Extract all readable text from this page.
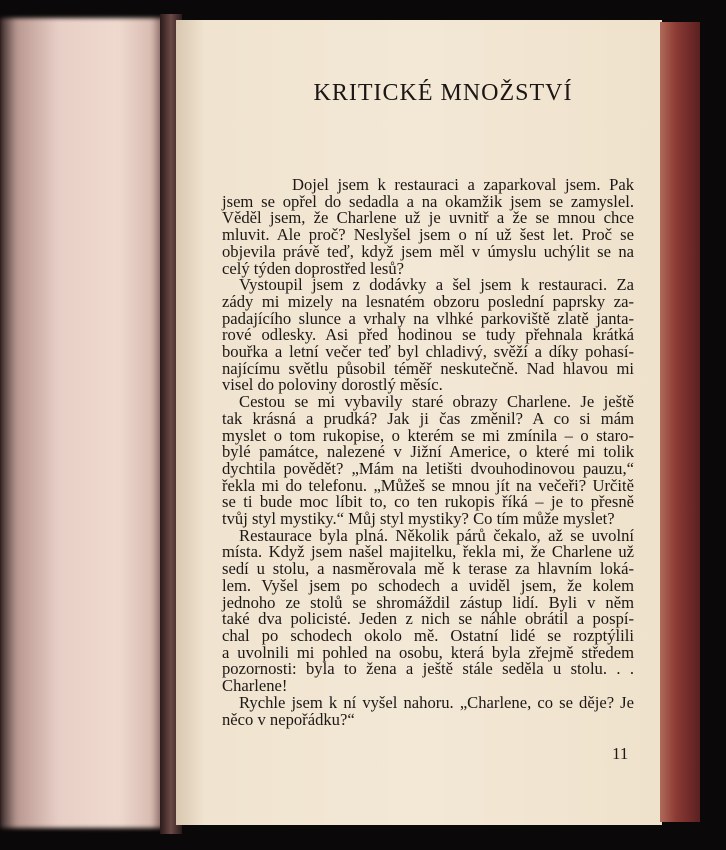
KRITICKÉ MNOŽSTVÍ
Dojel jsem k restauraci a zaparkoval jsem. Pak
jsem se opřel do sedadla a na okamžik jsem se zamyslel.
Věděl jsem, že Charlene už je uvnitř a že se mnou chce
mluvit. Ale proč? Neslyšel jsem o ní už šest let. Proč se
objevila právě teď, když jsem měl v úmyslu uchýlit se na
celý týden doprostřed lesů?
Vystoupil jsem z dodávky a šel jsem k restauraci. Za
zády mi mizely na lesnatém obzoru poslední paprsky za-
padajícího slunce a vrhaly na vlhké parkoviště zlatě janta-
rové odlesky. Asi před hodinou se tudy přehnala krátká
bouřka a letní večer teď byl chladivý, svěží a díky pohasí-
najícímu světlu působil téměř neskutečně. Nad hlavou mi
visel do poloviny dorostlý měsíc.
Cestou se mi vybavily staré obrazy Charlene. Je ještě
tak krásná a prudká? Jak ji čas změnil? A co si mám
myslet o tom rukopise, o kterém se mi zmínila – o staro-
bylé památce, nalezené v Jižní Americe, o které mi tolik
dychtila povědět? „Mám na letišti dvouhodinovou pauzu,“
řekla mi do telefonu. „Můžeš se mnou jít na večeři? Určitě
se ti bude moc líbit to, co ten rukopis říká – je to přesně
tvůj styl mystiky.“ Můj styl mystiky? Co tím může myslet?
Restaurace byla plná. Několik párů čekalo, až se uvolní
místa. Když jsem našel majitelku, řekla mi, že Charlene už
sedí u stolu, a nasměrovala mě k terase za hlavním loká-
lem. Vyšel jsem po schodech a uviděl jsem, že kolem
jednoho ze stolů se shromáždil zástup lidí. Byli v něm
také dva policisté. Jeden z nich se náhle obrátil a pospí-
chal po schodech okolo mě. Ostatní lidé se rozptýlili
a uvolnili mi pohled na osobu, která byla zřejmě středem
pozornosti: byla to žena a ještě stále seděla u stolu. . .
Charlene!
Rychle jsem k ní vyšel nahoru. „Charlene, co se děje? Je
něco v nepořádku?“
11
